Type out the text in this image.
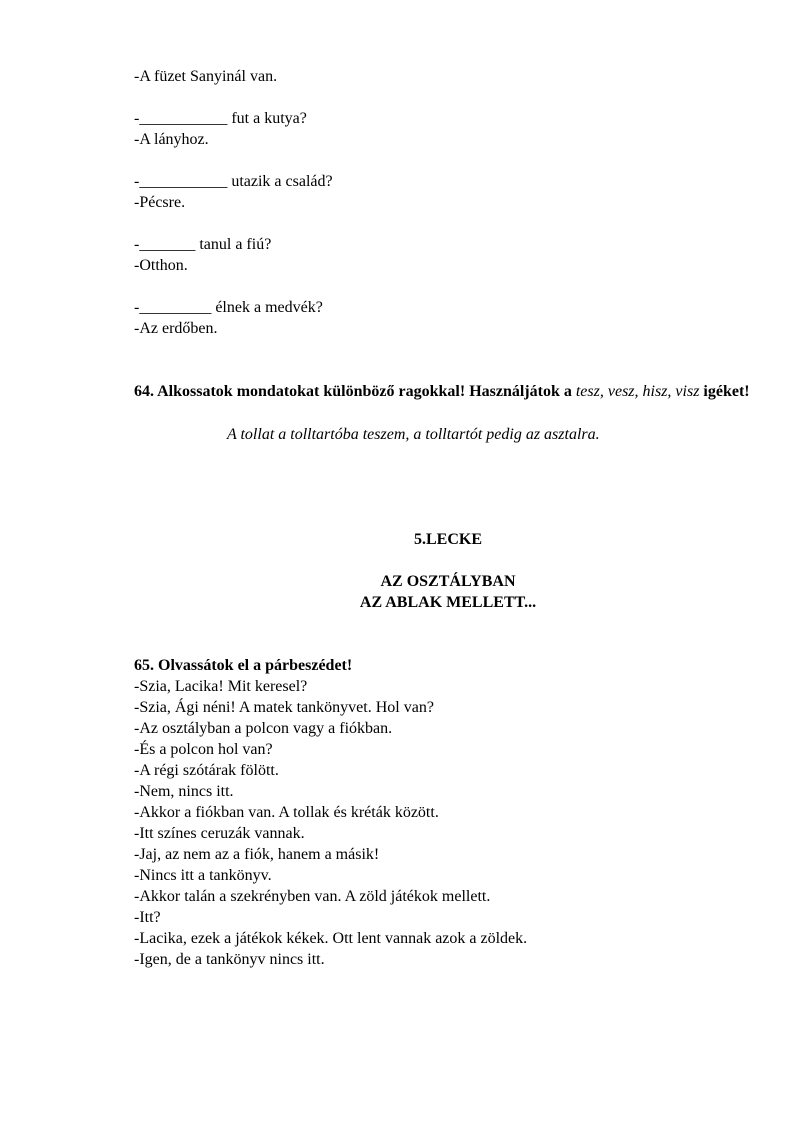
-A füzet Sanyinál van.

-___________ fut a kutya?

-A lányhoz.

-___________ utazik a család?

-Pécsre.

-_______ tanul a fiú?

-Otthon.

-_________ élnek a medvék?

-Az erdőben.

64. Alkossatok mondatokat különböző ragokkal! Használjátok a tesz, vesz, hisz, visz igéket!

A tollat a tolltartóba teszem, a tolltartót pedig az asztalra.

5.LECKE

AZ OSZTÁLYBAN

AZ ABLAK MELLETT...

65. Olvassátok el a párbeszédet!

-Szia, Lacika! Mit keresel?

-Szia, Ági néni! A matek tankönyvet. Hol van?

-Az osztályban a polcon vagy a fiókban.

-És a polcon hol van?

-A régi szótárak fölött.

-Nem, nincs itt.

-Akkor a fiókban van. A tollak és kréták között.

-Itt színes ceruzák vannak.

-Jaj, az nem az a fiók, hanem a másik!

-Nincs itt a tankönyv.

-Akkor talán a szekrényben van. A zöld játékok mellett.

-Itt?

-Lacika, ezek a játékok kékek. Ott lent vannak azok a zöldek.

-Igen, de a tankönyv nincs itt.
